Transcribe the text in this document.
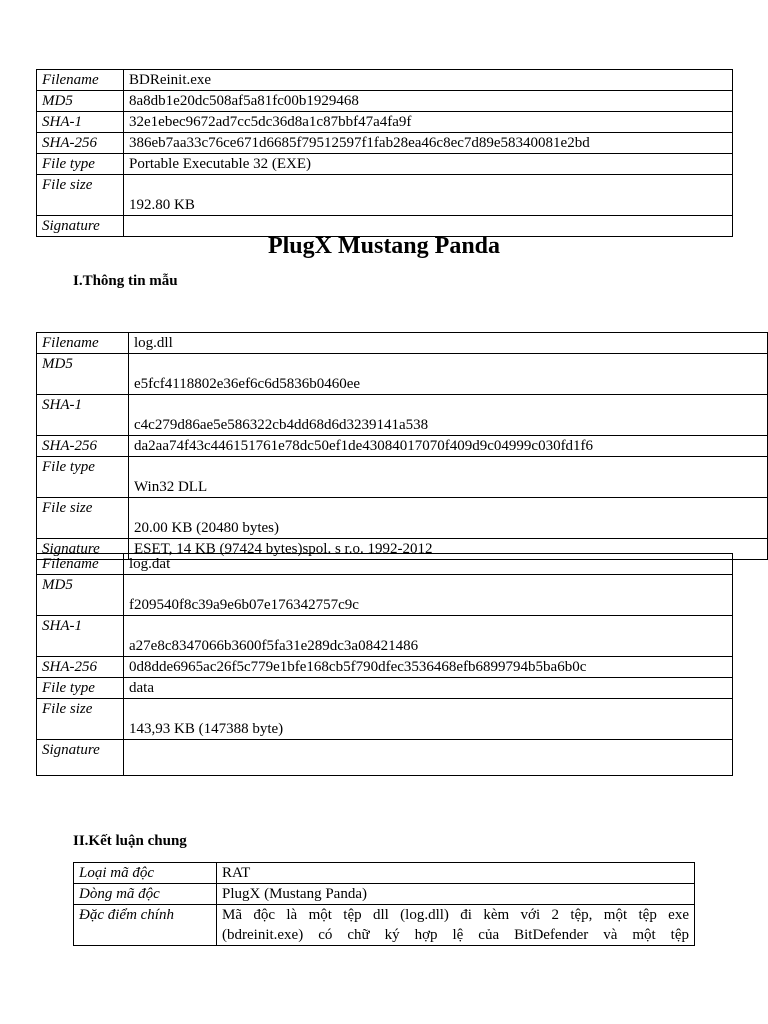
Filename	BDReinit.exe
MD5	8a8db1e20dc508af5a81fc00b1929468
SHA-1	32e1ebec9672ad7cc5dc36d8a1c87bbf47a4fa9f
SHA-256	386eb7aa33c76ce671d6685f79512597f1fab28ea46c8ec7d89e58340081e2bd
File type	Portable Executable 32 (EXE)
File size	192.80 KB
Signature	
PlugX Mustang Panda
I.Thông tin mẫu
Filename	log.dll
MD5	e5fcf4118802e36ef6c6d5836b0460ee
SHA-1	c4c279d86ae5e586322cb4dd68d6d3239141a538
SHA-256	da2aa74f43c446151761e78dc50ef1de43084017070f409d9c04999c030fd1f6
File type	Win32 DLL
File size	20.00 KB (20480 bytes)
Signature	ESET, 14 KB (97424 bytes)spol. s r.o. 1992-2012
Filename	log.dat
MD5	f209540f8c39a9e6b07e176342757c9c
SHA-1	a27e8c8347066b3600f5fa31e289dc3a08421486
SHA-256	0d8dde6965ac26f5c779e1bfe168cb5f790dfec3536468efb6899794b5ba6b0c
File type	data
File size	143,93 KB (147388 byte)
Signature	
II.Kết luận chung
Loại mã độc	RAT
Dòng mã độc	PlugX (Mustang Panda)
Đặc điểm chính	Mã độc là một tệp dll (log.dll) đi kèm với 2 tệp, một tệp exe
(bdreinit.exe) có chữ ký hợp lệ của BitDefender và một tệp
